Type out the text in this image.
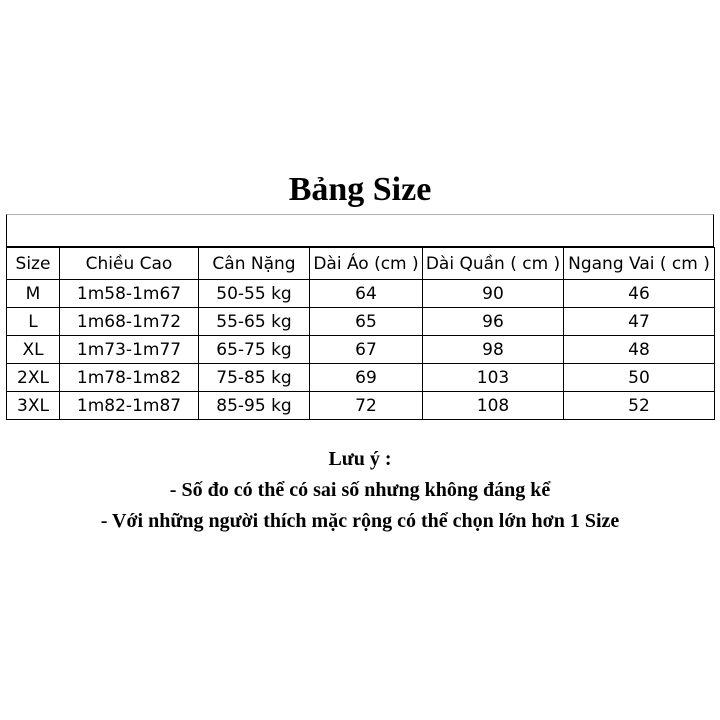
Bảng Size
Size	Chiều Cao	Cân Nặng	Dài Áo (cm )	Dài Quần ( cm )	Ngang Vai ( cm )
M	1m58-1m67	50-55 kg	64	90	46
L	1m68-1m72	55-65 kg	65	96	47
XL	1m73-1m77	65-75 kg	67	98	48
2XL	1m78-1m82	75-85 kg	69	103	50
3XL	1m82-1m87	85-95 kg	72	108	52
Lưu ý :
- Số đo có thể có sai số nhưng không đáng kể
- Với những người thích mặc rộng có thể chọn lớn hơn 1 Size
